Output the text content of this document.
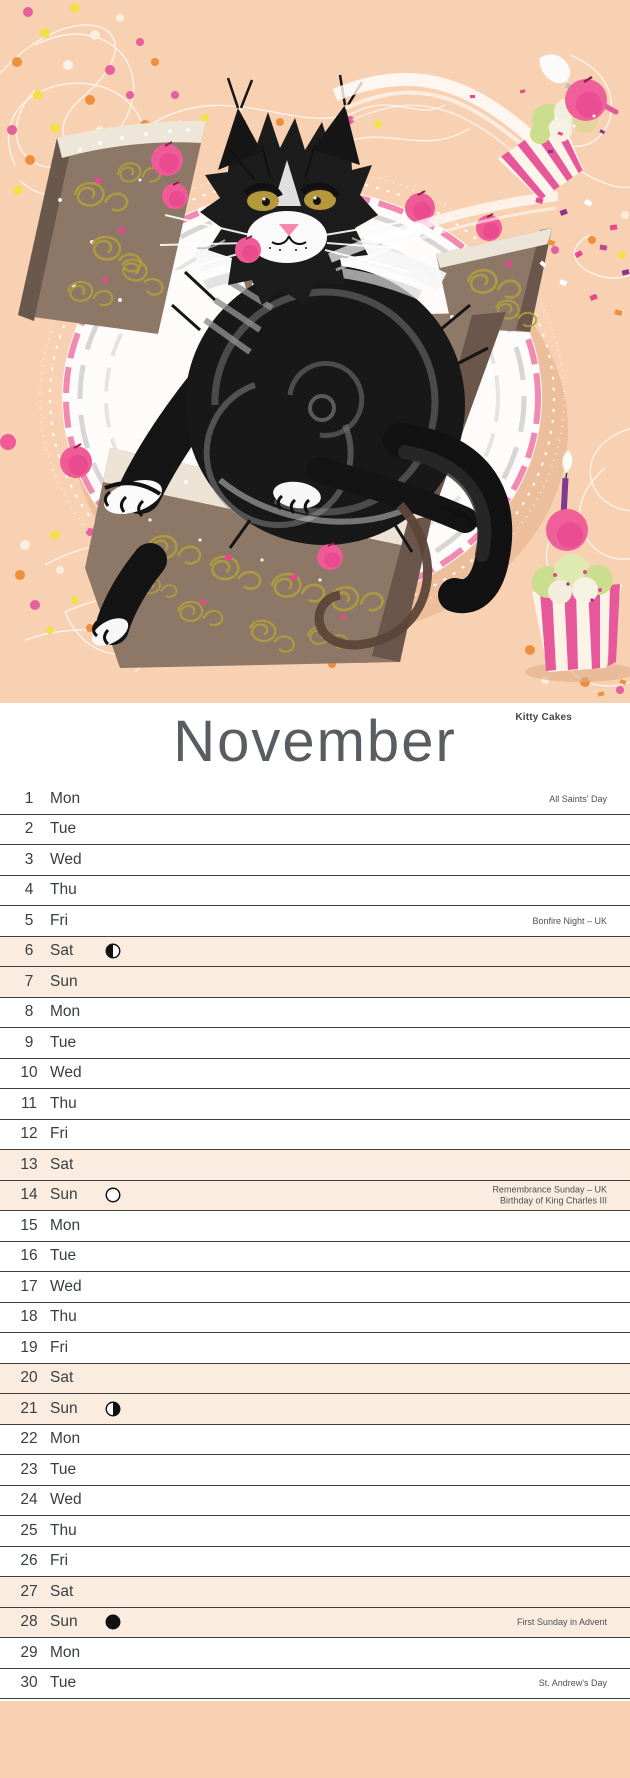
Kitty Cakes
November
1	Mon	All Saints' Day
2	Tue
3	Wed
4	Thu
5	Fri	Bonfire Night – UK
6	Sat
7	Sun
8	Mon
9	Tue
10 Wed
11 Thu
12 Fri
13 Sat
14 Sun	Remembrance Sunday – UK
Birthday of King Charles III
15 Mon
16 Tue
17 Wed
18 Thu
19 Fri
20 Sat
21 Sun
22 Mon
23 Tue
24 Wed
25 Thu
26 Fri
27 Sat
28 Sun	First Sunday in Advent
29 Mon
30 Tue	St. Andrew's Day
